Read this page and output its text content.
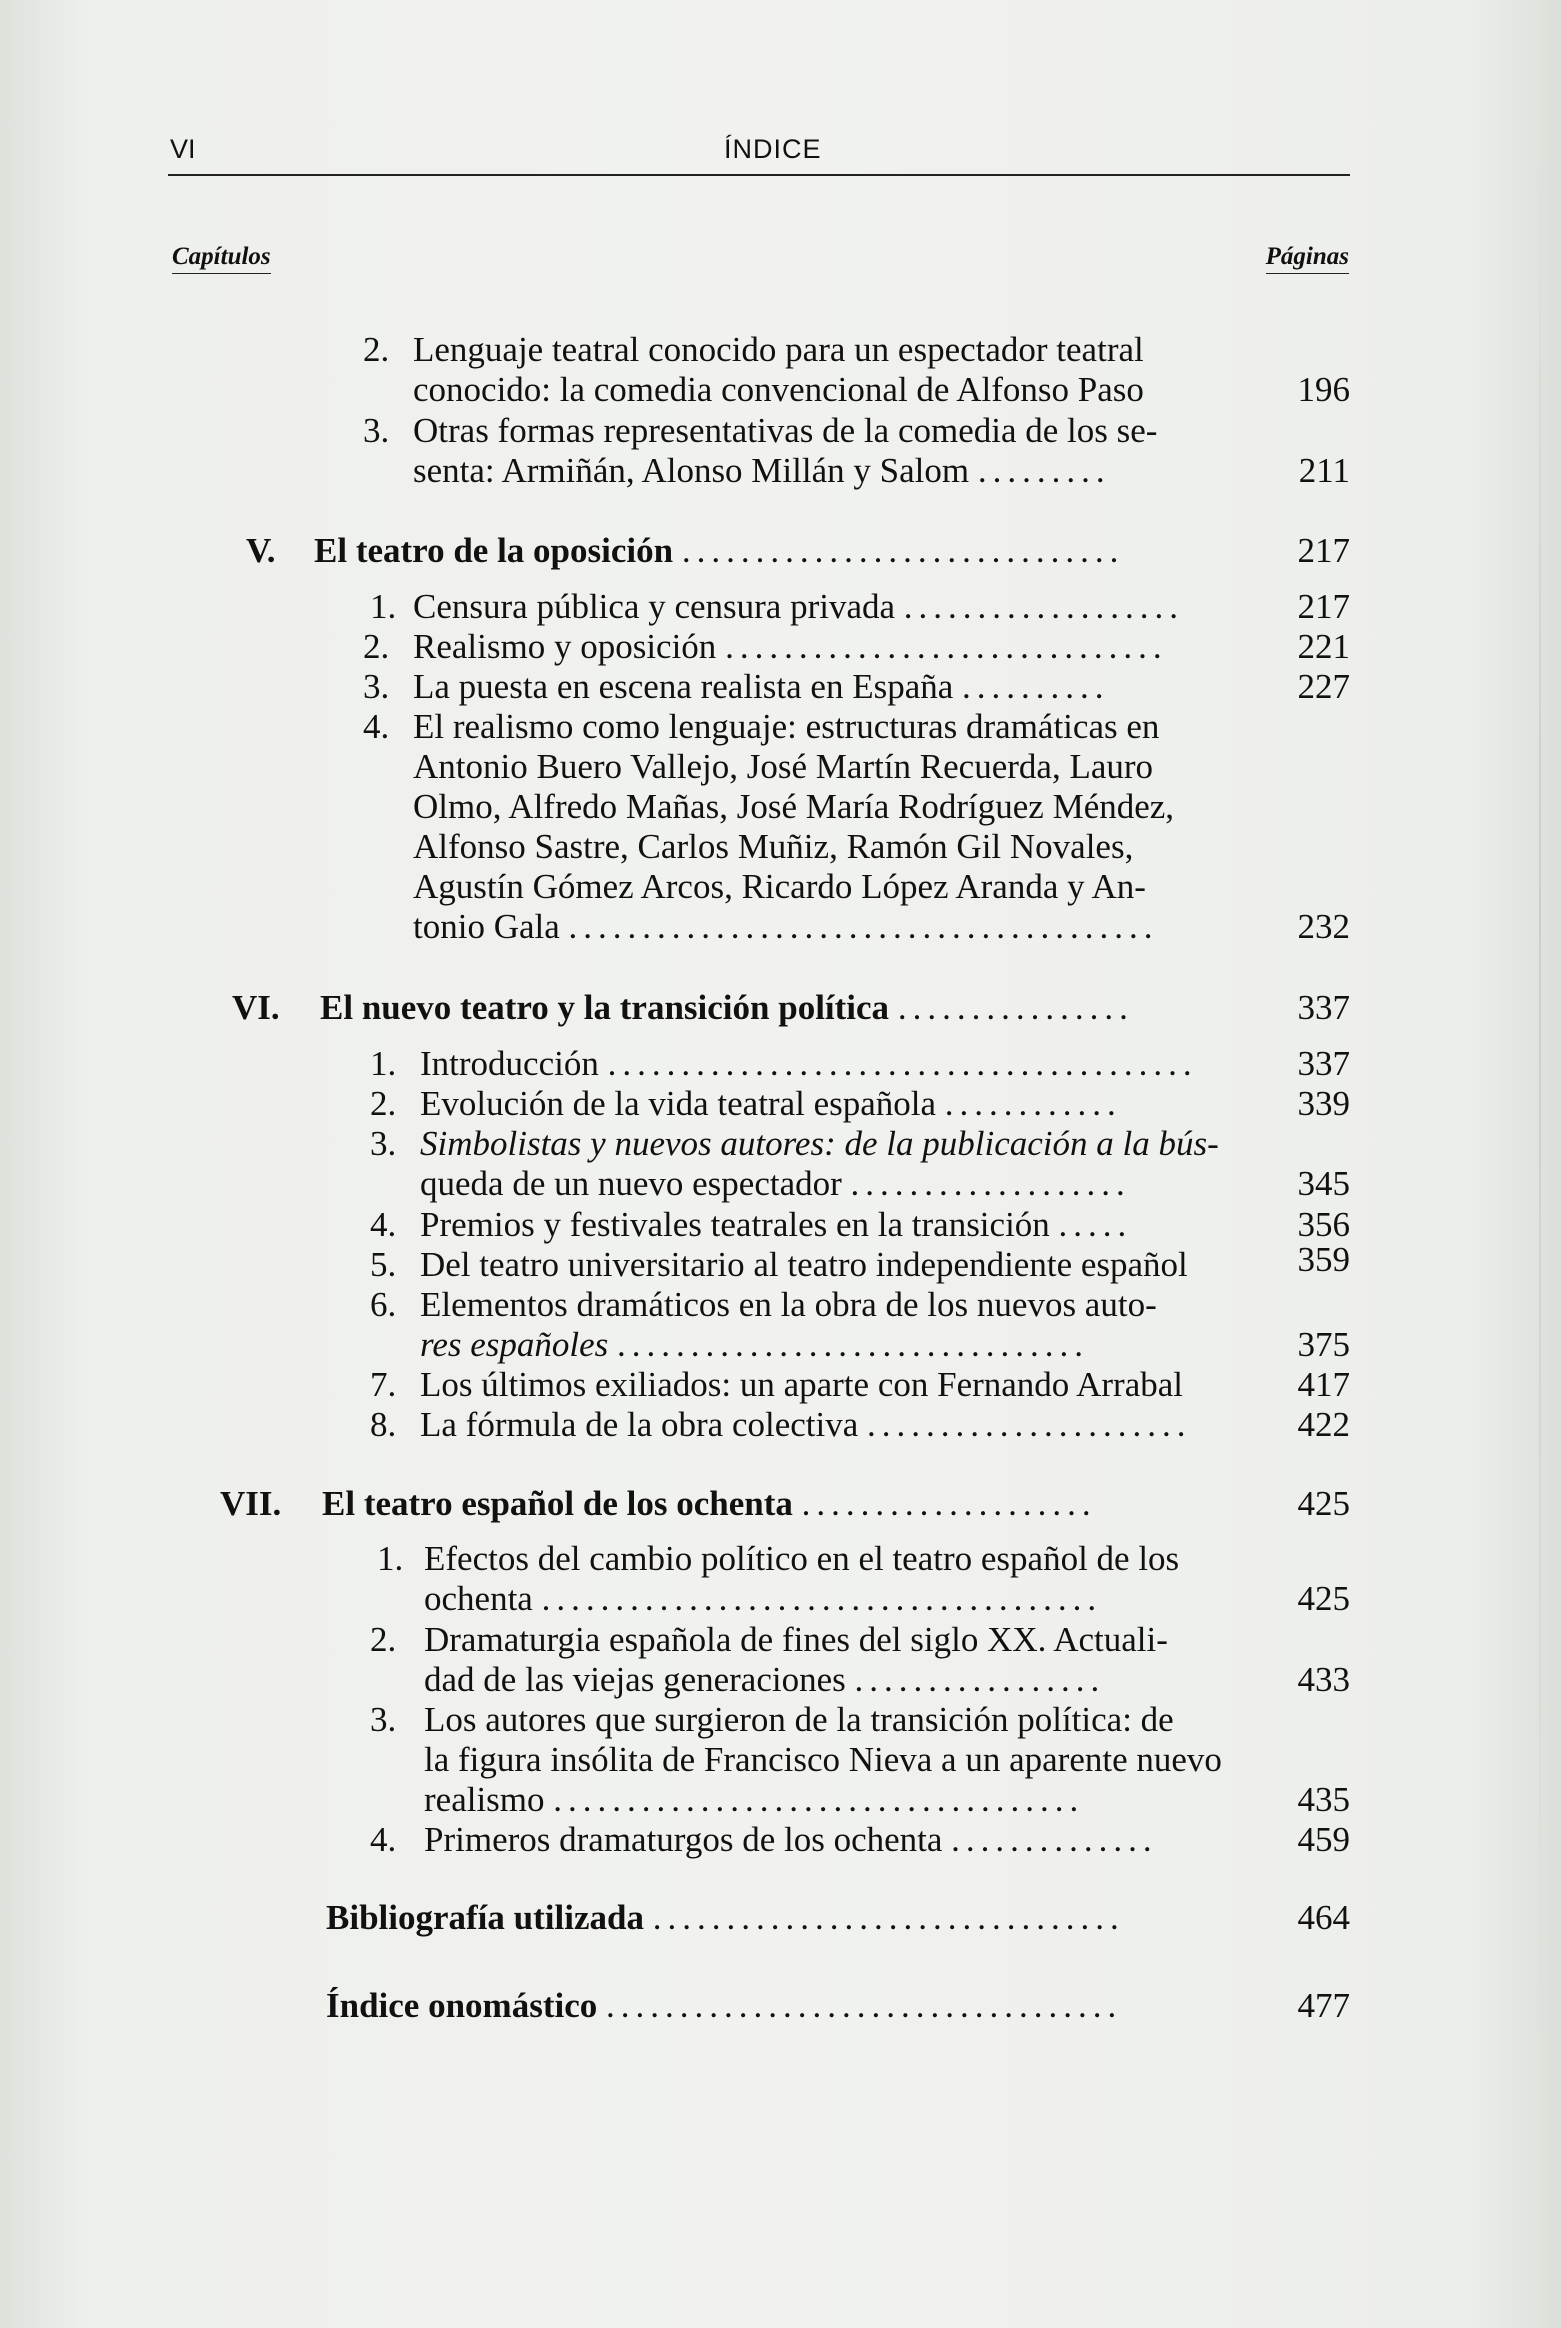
VI	ÍNDICE
Capítulos	Páginas
2. Lenguaje teatral conocido para un espectador teatral
conocido: la comedia convencional de Alfonso Paso	196
3. Otras formas representativas de la comedia de los se-
senta: Armiñán, Alonso Millán y Salom .........	211
V.	El teatro de la oposición ..............................	217
1. Censura pública y censura privada ...................	217
2. Realismo y oposición ..............................	221
3. La puesta en escena realista en España ..........	227
4. El realismo como lenguaje: estructuras dramáticas en
Antonio Buero Vallejo, José Martín Recuerda, Lauro
Olmo, Alfredo Mañas, José María Rodríguez Méndez,
Alfonso Sastre, Carlos Muñiz, Ramón Gil Novales,
Agustín Gómez Arcos, Ricardo López Aranda y An-
tonio Gala ........................................	232
VI.	El nuevo teatro y la transición política ................	337
1. Introducción ........................................	337
2. Evolución de la vida teatral española ............	339
3. Simbolistas y nuevos autores: de la publicación a la bús-
queda de un nuevo espectador ...................	345
4. Premios y festivales teatrales en la transición .....	356
5. Del teatro universitario al teatro independiente español	359
6. Elementos dramáticos en la obra de los nuevos auto-
res españoles ................................	375
7. Los últimos exiliados: un aparte con Fernando Arrabal	417
8. La fórmula de la obra colectiva ......................	422
VII.	El teatro español de los ochenta ....................	425
1. Efectos del cambio político en el teatro español de los
ochenta ......................................	425
2. Dramaturgia española de fines del siglo XX. Actuali-
dad de las viejas generaciones .................	433
3. Los autores que surgieron de la transición política: de
la figura insólita de Francisco Nieva a un aparente nuevo
realismo ....................................	435
4. Primeros dramaturgos de los ochenta ..............	459
Bibliografía utilizada ................................	464
Índice onomástico ...................................	477
